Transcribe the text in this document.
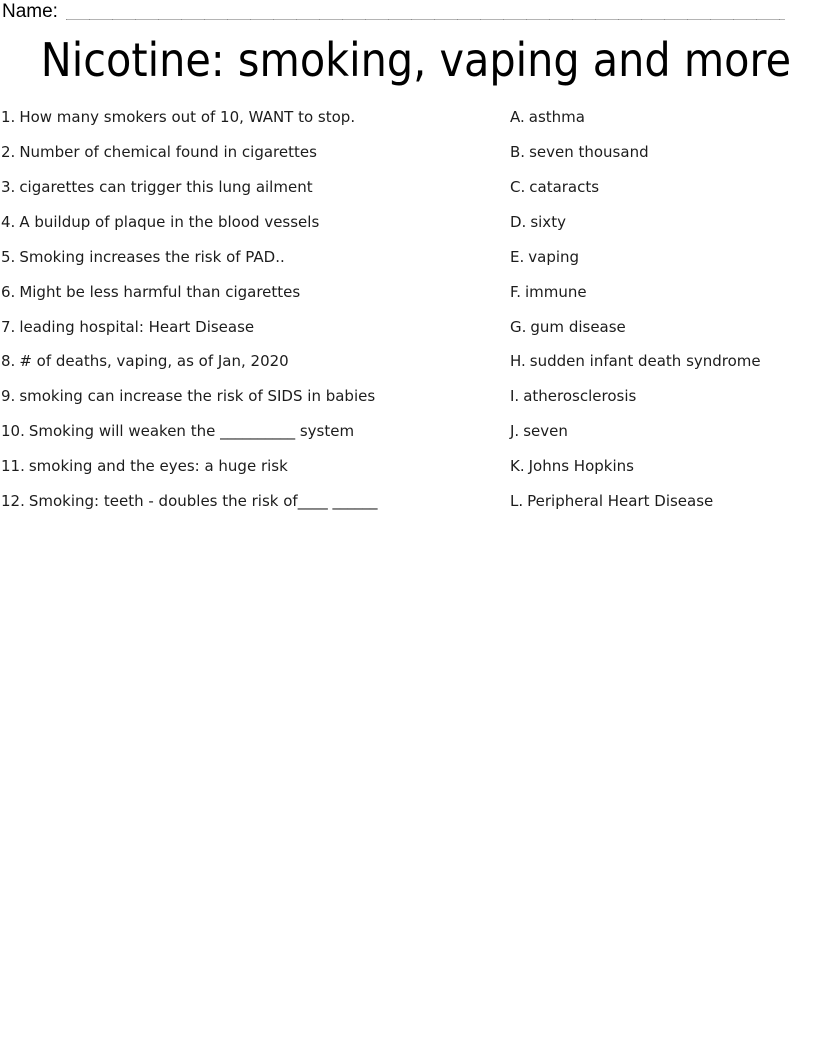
Name:
Nicotine: smoking, vaping and more
1. How many smokers out of 10, WANT to stop.	A. asthma
2. Number of chemical found in cigarettes	B. seven thousand
3. cigarettes can trigger this lung ailment	C. cataracts
4. A buildup of plaque in the blood vessels	D. sixty
5. Smoking increases the risk of PAD..	E. vaping
6. Might be less harmful than cigarettes	F. immune
7. leading hospital: Heart Disease	G. gum disease
8. # of deaths, vaping, as of Jan, 2020	H. sudden infant death syndrome
9. smoking can increase the risk of SIDS in babies	I. atherosclerosis
10. Smoking will weaken the __________ system	J. seven
11. smoking and the eyes: a huge risk	K. Johns Hopkins
12. Smoking: teeth - doubles the risk of____ ______	L. Peripheral Heart Disease
